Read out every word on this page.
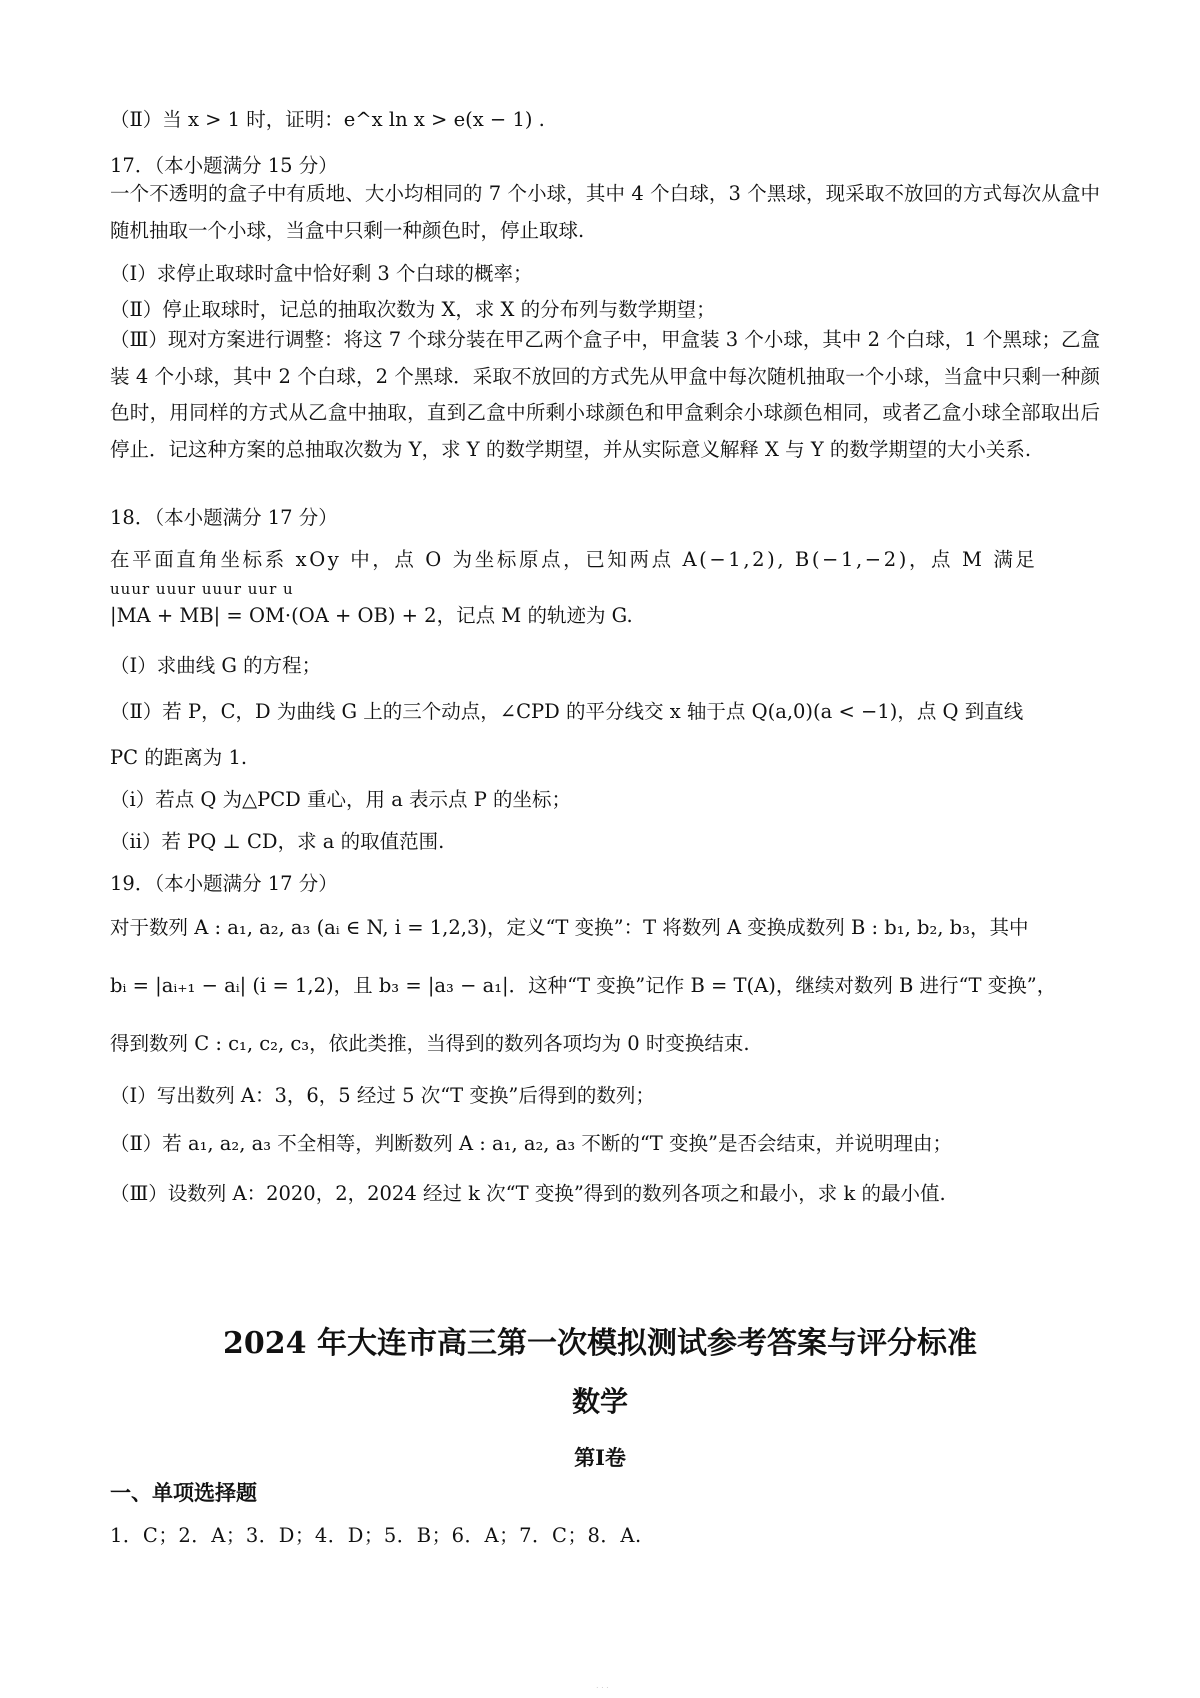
（Ⅱ）当 x > 1 时，证明：e^x ln x > e(x − 1) .
17．（本小题满分 15 分）
一个不透明的盒子中有质地、大小均相同的 7 个小球，其中 4 个白球，3 个黑球，现采取不放回的方式每次从盒中随机抽取一个小球，当盒中只剩一种颜色时，停止取球.
（Ⅰ）求停止取球时盒中恰好剩 3 个白球的概率；
（Ⅱ）停止取球时，记总的抽取次数为 X，求 X 的分布列与数学期望；
（Ⅲ）现对方案进行调整：将这 7 个球分装在甲乙两个盒子中，甲盒装 3 个小球，其中 2 个白球，1 个黑球；乙盒装 4 个小球，其中 2 个白球，2 个黑球．采取不放回的方式先从甲盒中每次随机抽取一个小球，当盒中只剩一种颜色时，用同样的方式从乙盒中抽取，直到乙盒中所剩小球颜色和甲盒剩余小球颜色相同，或者乙盒小球全部取出后停止．记这种方案的总抽取次数为 Y，求 Y 的数学期望，并从实际意义解释 X 与 Y 的数学期望的大小关系.
18．（本小题满分 17 分）
在平面直角坐标系 xOy 中，点 O 为坐标原点，已知两点 A(−1,2), B(−1,−2)，点 M 满足
uuur uuur uuur uur u
|MA + MB| = OM·(OA + OB) + 2，记点 M 的轨迹为 G.
（Ⅰ）求曲线 G 的方程；
（Ⅱ）若 P，C，D 为曲线 G 上的三个动点，∠CPD 的平分线交 x 轴于点 Q(a,0)(a < −1)，点 Q 到直线
PC 的距离为 1.
（ⅰ）若点 Q 为△PCD 重心，用 a 表示点 P 的坐标；
（ⅱ）若 PQ ⊥ CD，求 a 的取值范围.
19．（本小题满分 17 分）
对于数列 A : a₁, a₂, a₃ (aᵢ ∈ N, i = 1,2,3)，定义“T 变换”：T 将数列 A 变换成数列 B : b₁, b₂, b₃，其中
bᵢ = |aᵢ₊₁ − aᵢ| (i = 1,2)，且 b₃ = |a₃ − a₁|．这种“T 变换”记作 B = T(A)，继续对数列 B 进行“T 变换”，
得到数列 C : c₁, c₂, c₃，依此类推，当得到的数列各项均为 0 时变换结束.
（Ⅰ）写出数列 A：3，6，5 经过 5 次“T 变换”后得到的数列；
（Ⅱ）若 a₁, a₂, a₃ 不全相等，判断数列 A : a₁, a₂, a₃ 不断的“T 变换”是否会结束，并说明理由；
（Ⅲ）设数列 A：2020，2，2024 经过 k 次“T 变换”得到的数列各项之和最小，求 k 的最小值.
2024 年大连市高三第一次模拟测试参考答案与评分标准
数学
第Ⅰ卷
一、单项选择题
1．C；2．A；3．D；4．D；5．B；6．A；7．C；8．A.
. . .
